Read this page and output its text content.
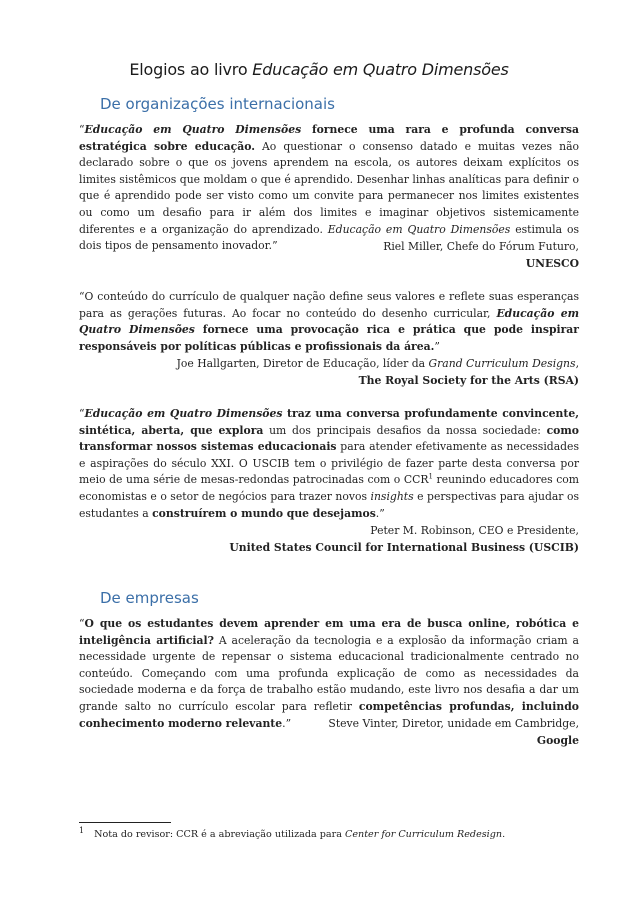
Elogios ao livro Educação em Quatro Dimensões
De organizações internacionais
“Educação em Quatro Dimensões fornece uma rara e profunda conversa estratégica sobre educação. Ao questionar o consenso datado e muitas vezes não declarado sobre o que os jovens aprendem na escola, os autores deixam explícitos os limites sistêmicos que moldam o que é aprendido. Desenhar linhas analíticas para definir o que é aprendido pode ser visto como um convite para permanecer nos limites existentes ou como um desafio para ir além dos limites e imaginar objetivos sistemicamente diferentes e a organização do aprendizado. Educação em Quatro Dimensões estimula os dois tipos de pensamento inovador.”	Riel Miller, Chefe do Fórum Futuro,
UNESCO
“O conteúdo do currículo de qualquer nação define seus valores e reflete suas esperanças para as gerações futuras. Ao focar no conteúdo do desenho curricular, Educação em Quatro Dimensões fornece uma provocação rica e prática que pode inspirar responsáveis por políticas públicas e profissionais da área.”
Joe Hallgarten, Diretor de Educação, líder da Grand Curriculum Designs,
The Royal Society for the Arts (RSA)
“Educação em Quatro Dimensões traz uma conversa profundamente convincente, sintética, aberta, que explora um dos principais desafios da nossa sociedade: como transformar nossos sistemas educacionais para atender efetivamente as necessidades e aspirações do século XXI. O USCIB tem o privilégio de fazer parte desta conversa por meio de uma série de mesas-redondas patrocinadas com o CCR$^1$ reunindo educadores com economistas e o setor de negócios para trazer novos insights e perspectivas para ajudar os estudantes a construírem o mundo que desejamos.”
Peter M. Robinson, CEO e Presidente,
United States Council for International Business (USCIB)
De empresas
“O que os estudantes devem aprender em uma era de busca online, robótica e inteligência artificial? A aceleração da tecnologia e a explosão da informação criam a necessidade urgente de repensar o sistema educacional tradicionalmente centrado no conteúdo. Começando com uma profunda explicação de como as necessidades da sociedade moderna e da força de trabalho estão mudando, este livro nos desafia a dar um grande salto no currículo escolar para refletir competências profundas, incluindo conhecimento moderno relevante.”	Steve Vinter, Diretor, unidade em Cambridge,
Google
1 Nota do revisor: CCR é a abreviação utilizada para Center for Curriculum Redesign.
